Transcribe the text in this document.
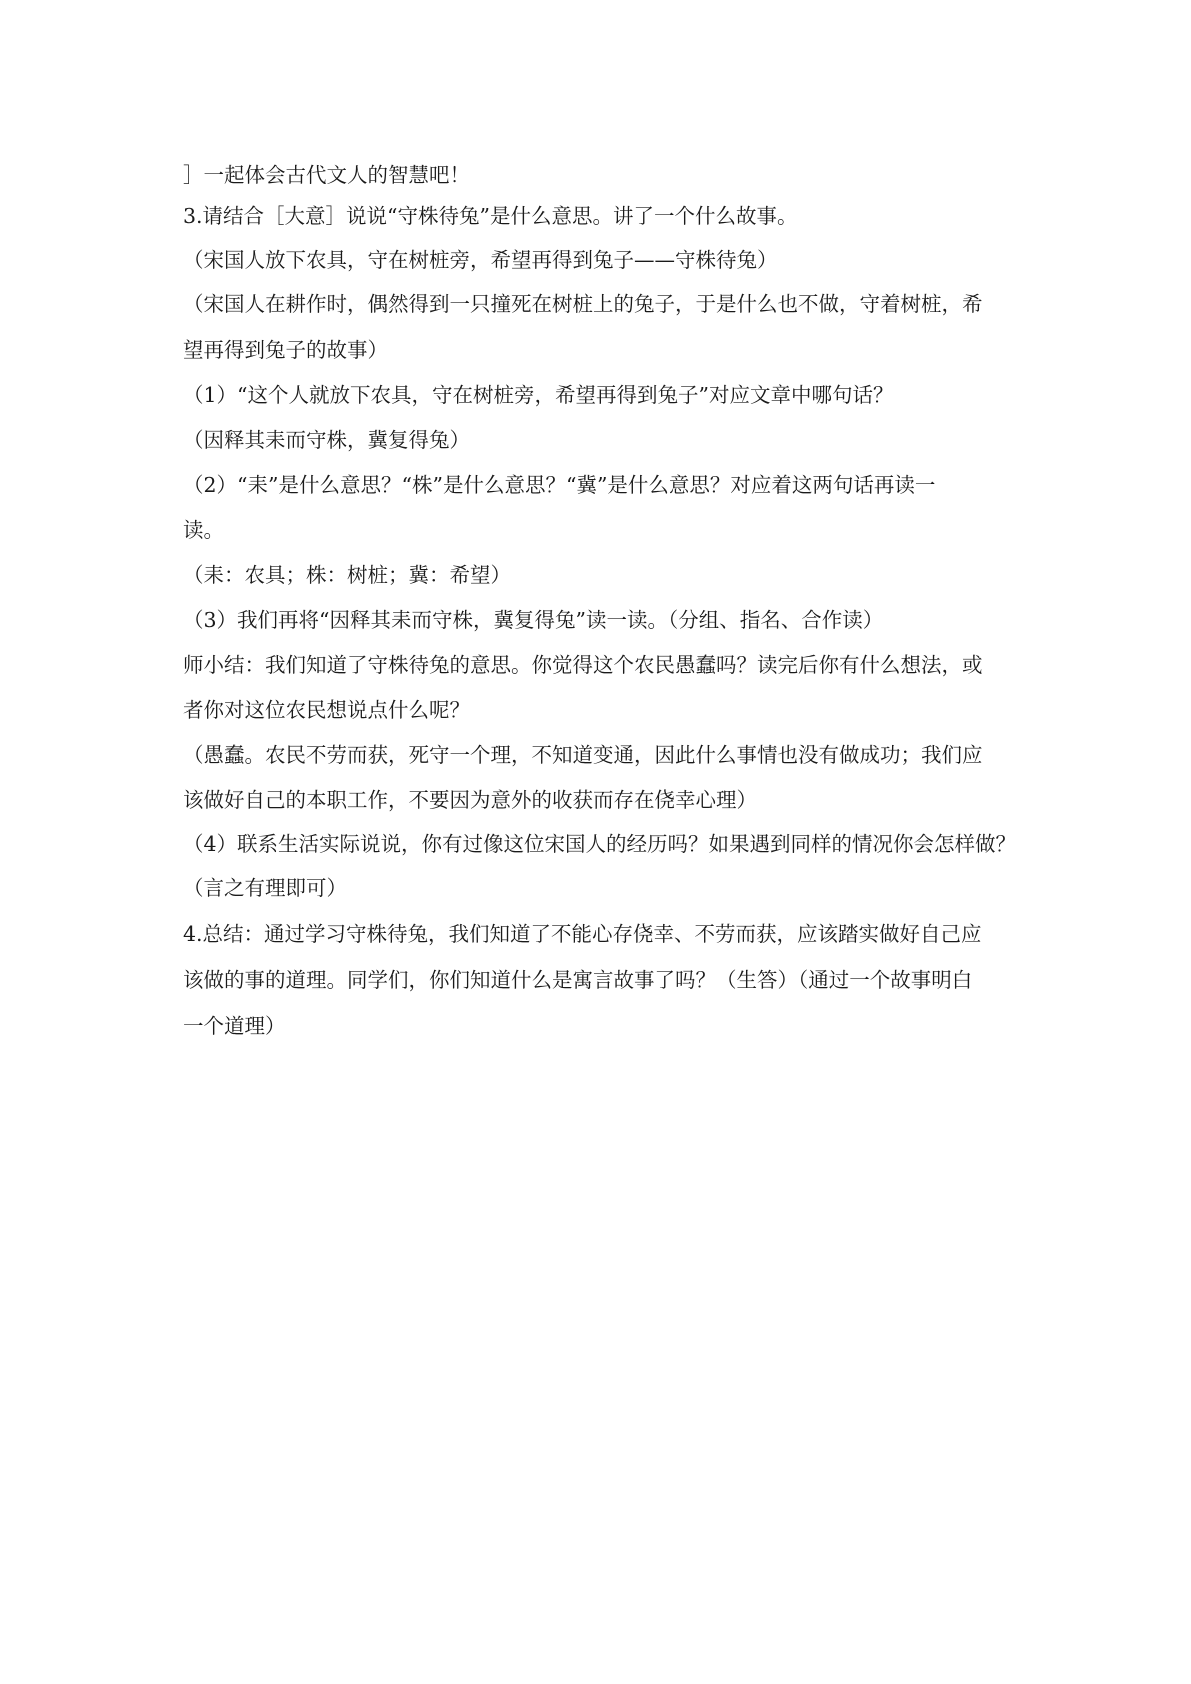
］一起体会古代文人的智慧吧！
3.请结合［大意］说说“守株待兔”是什么意思。讲了一个什么故事。
（宋国人放下农具，守在树桩旁，希望再得到兔子——守株待兔）
（宋国人在耕作时，偶然得到一只撞死在树桩上的兔子，于是什么也不做，守着树桩，希
望再得到兔子的故事）
（1）“这个人就放下农具，守在树桩旁，希望再得到兔子”对应文章中哪句话？
（因释其耒而守株，冀复得兔）
（2）“耒”是什么意思？“株”是什么意思？“冀”是什么意思？对应着这两句话再读一
读。
（耒：农具；株：树桩；冀：希望）
（3）我们再将“因释其耒而守株，冀复得兔”读一读。（分组、指名、合作读）
师小结：我们知道了守株待兔的意思。你觉得这个农民愚蠢吗？读完后你有什么想法，或
者你对这位农民想说点什么呢？
（愚蠢。农民不劳而获，死守一个理，不知道变通，因此什么事情也没有做成功；我们应
该做好自己的本职工作，不要因为意外的收获而存在侥幸心理）
（4）联系生活实际说说，你有过像这位宋国人的经历吗？如果遇到同样的情况你会怎样做？
（言之有理即可）
4.总结：通过学习守株待兔，我们知道了不能心存侥幸、不劳而获，应该踏实做好自己应
该做的事的道理。同学们，你们知道什么是寓言故事了吗？（生答）（通过一个故事明白
一个道理）
